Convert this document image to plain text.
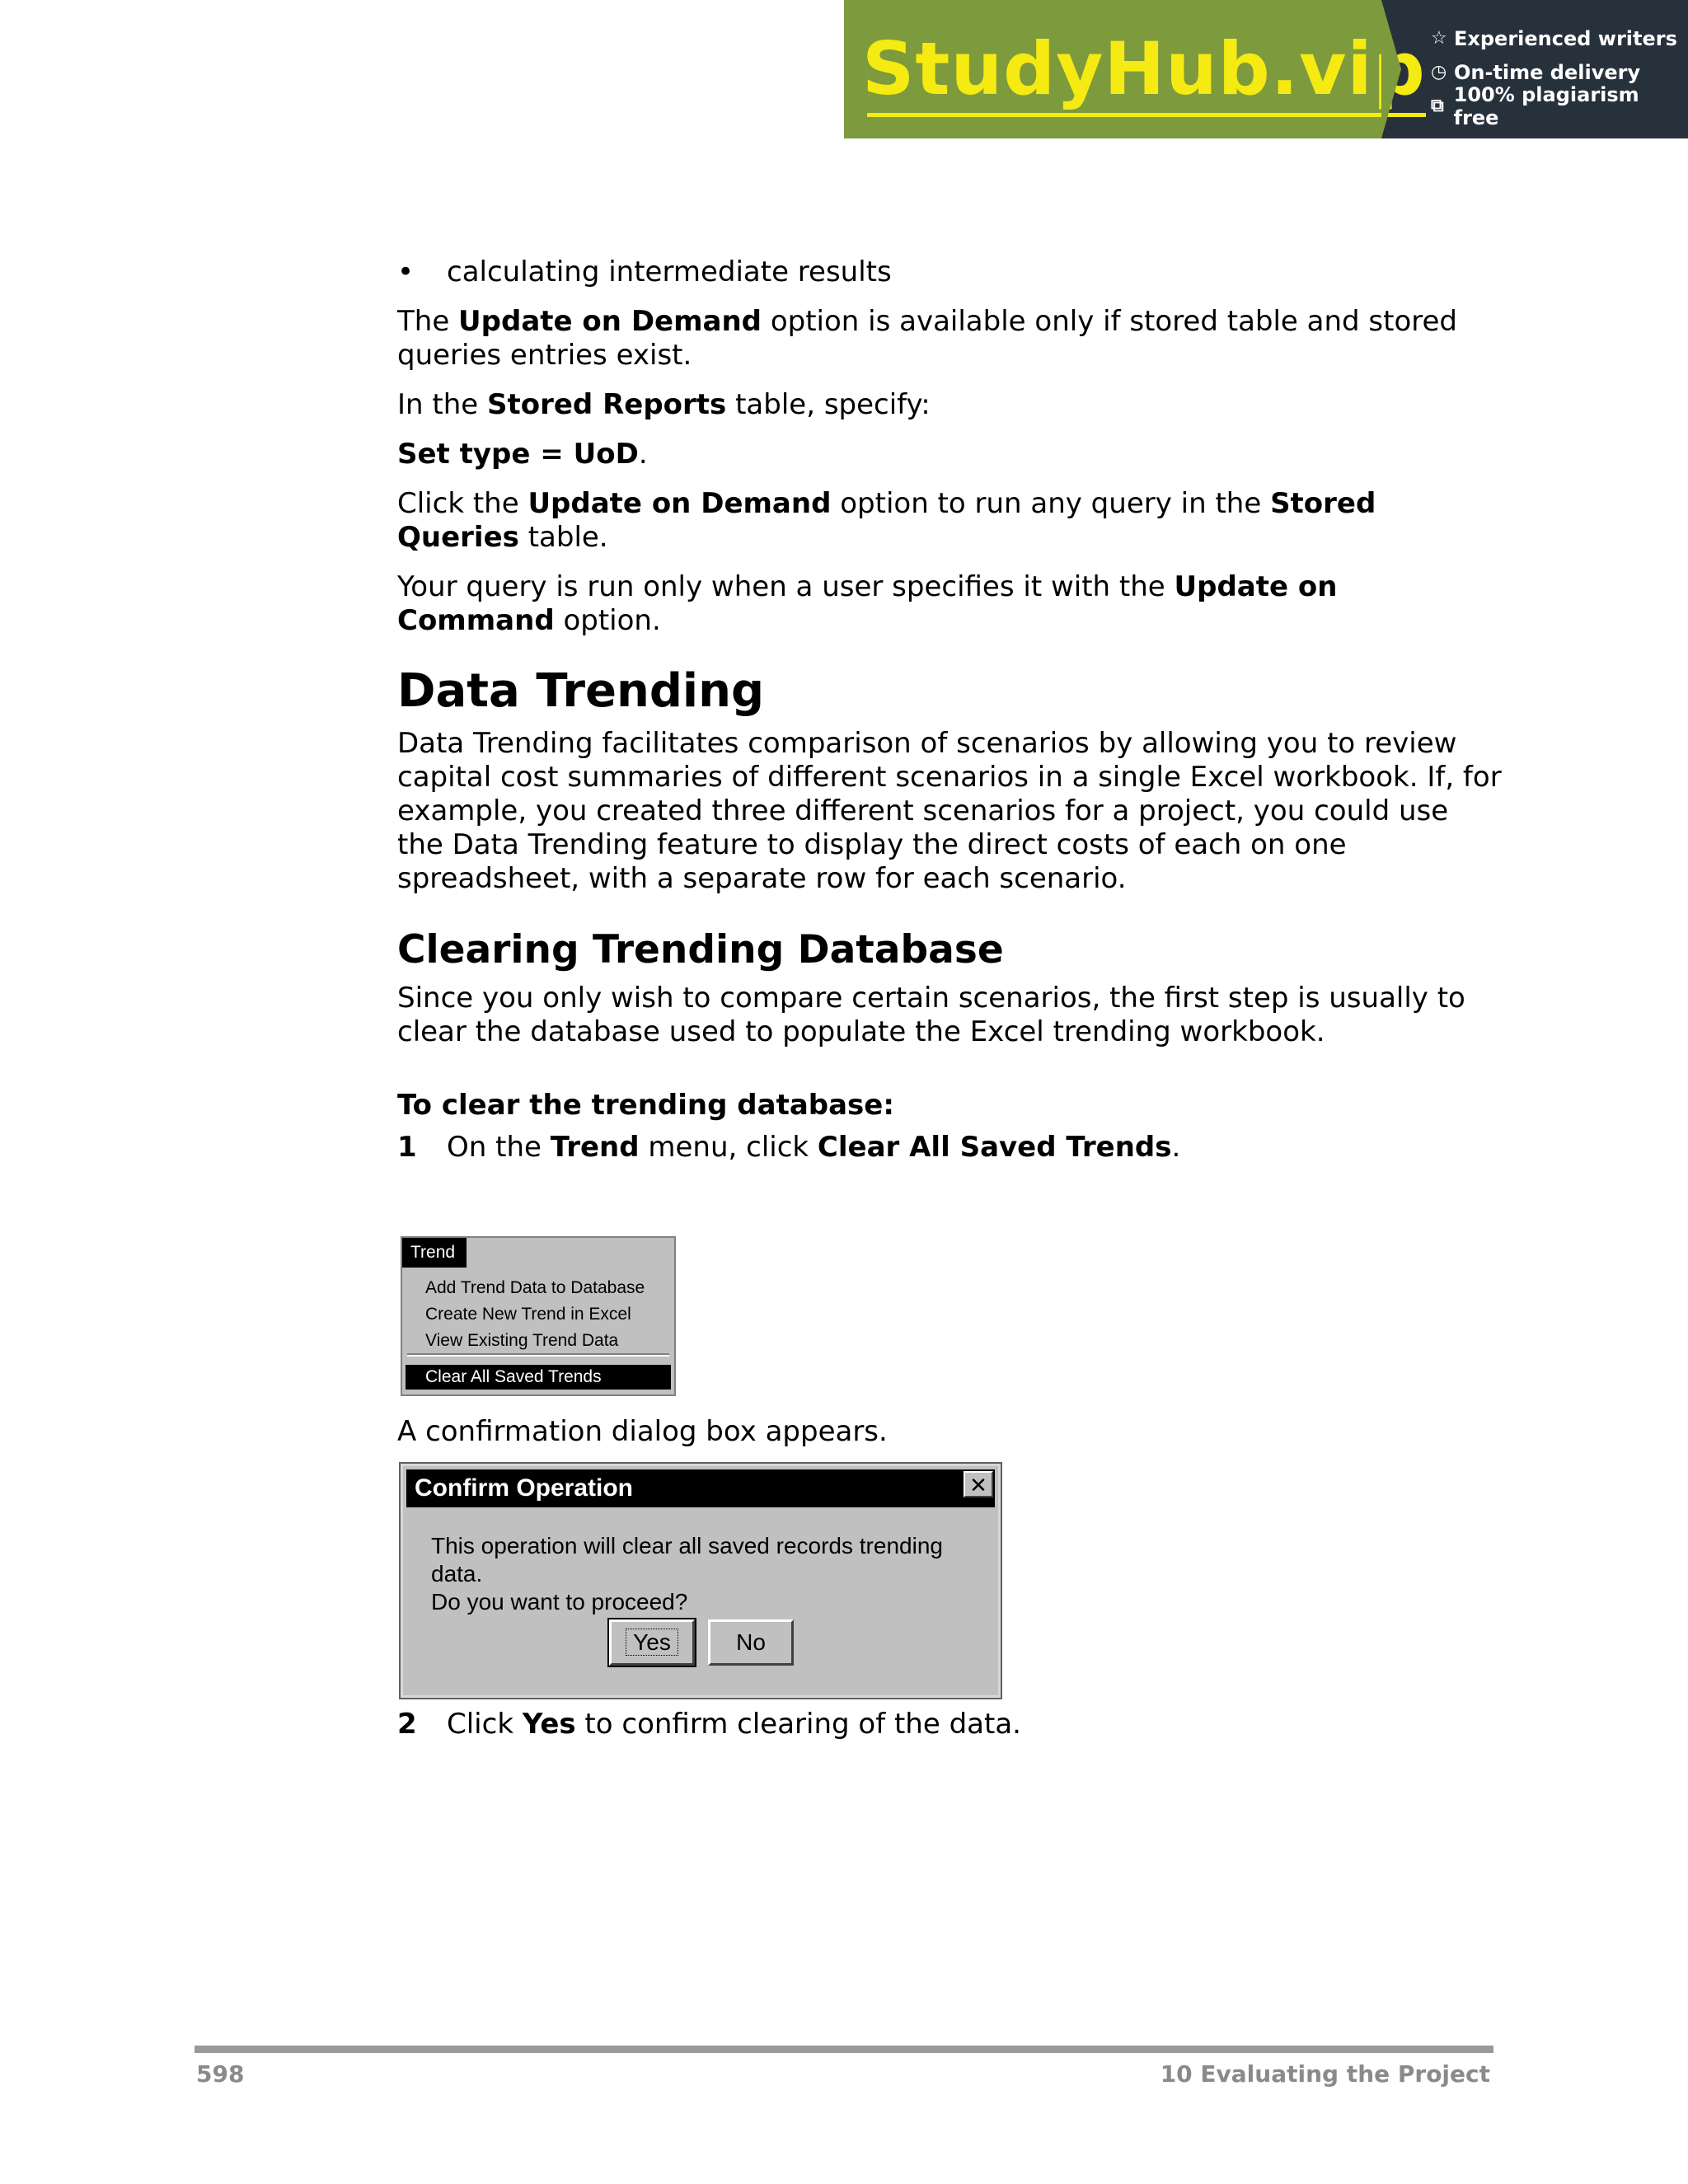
StudyHub.vip ☆ Experienced writers
◷ On-time delivery
⧉ 100% plagiarism free
•	calculating intermediate results

The Update on Demand option is available only if stored table and stored queries entries exist.

In the Stored Reports table, specify:

Set type = UoD.

Click the Update on Demand option to run any query in the Stored Queries table.

Your query is run only when a user specifies it with the Update on Command option.

Data Trending

Data Trending facilitates comparison of scenarios by allowing you to review capital cost summaries of different scenarios in a single Excel workbook. If, for example, you created three different scenarios for a project, you could use the Data Trending feature to display the direct costs of each on one spreadsheet, with a separate row for each scenario.

Clearing Trending Database

Since you only wish to compare certain scenarios, the first step is usually to clear the database used to populate the Excel trending workbook.

To clear the trending database:
1	On the Trend menu, click Clear All Saved Trends.
Trend
Add Trend Data to Database
Create New Trend in Excel
View Existing Trend Data
Clear All Saved Trends

A confirmation dialog box appears.

Confirm Operation	✕
This operation will clear all saved records trending data.
Do you want to proceed?
Yes	No
2	Click Yes to confirm clearing of the data.
598	10 Evaluating the Project
